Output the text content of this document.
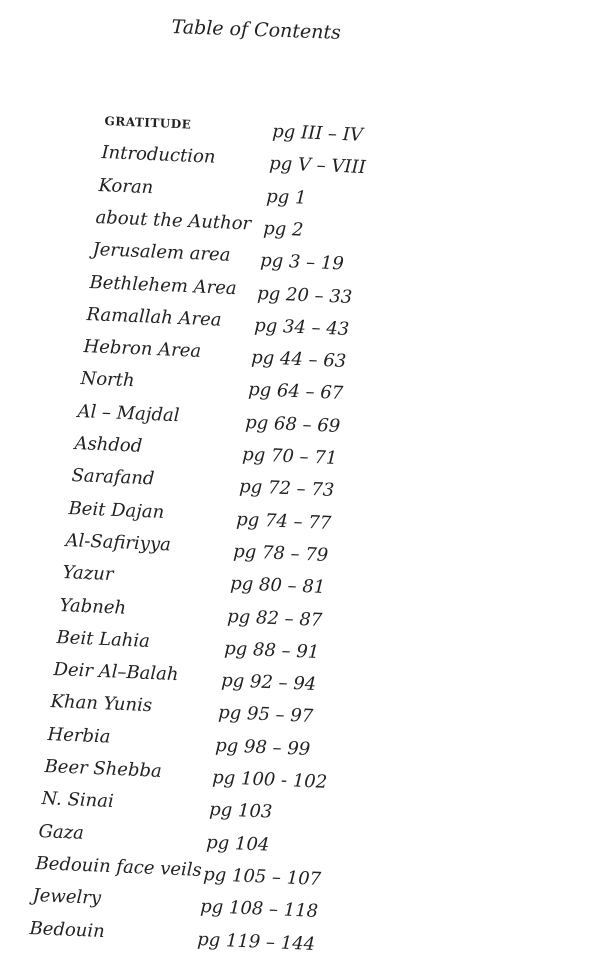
Table of Contents
GRATITUDE	pg III – IV
Introduction	pg V – VIII
Koran	pg 1
about the Author pg 2
Jerusalem area pg 3 – 19
Bethlehem Area pg 20 – 33
Ramallah Area pg 34 – 43
Hebron Area	pg 44 – 63
North	pg 64 – 67
Al – Majdal	pg 68 – 69
Ashdod	pg 70 – 71
Sarafand	pg 72 – 73
Beit Dajan	pg 74 – 77
Al-Safiriyya	pg 78 – 79
Yazur	pg 80 – 81
Yabneh	pg 82 – 87
Beit Lahia	pg 88 – 91
Deir Al–Balah pg 92 – 94
Khan Yunis	pg 95 – 97
Herbia	pg 98 – 99
Beer Shebba	pg 100 - 102
N. Sinai	pg 103
Gaza	pg 104
Bedouin face veils pg 105 – 107
Jewelry	pg 108 – 118
Bedouin	pg 119 – 144
